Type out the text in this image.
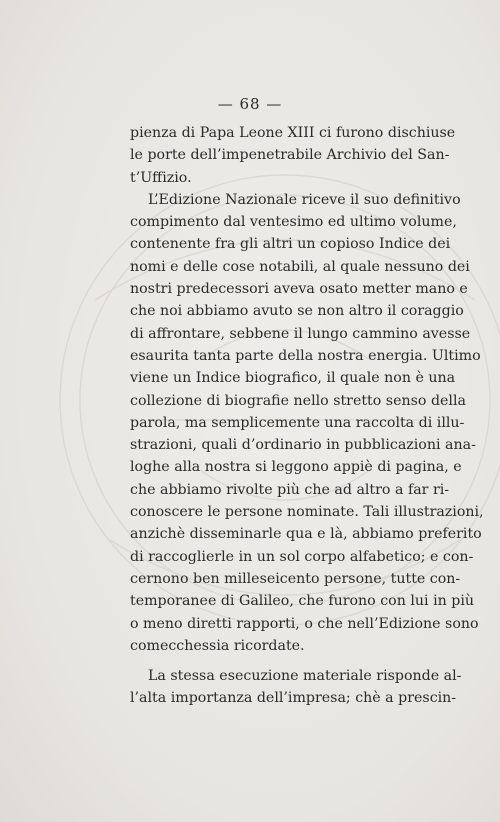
— 68 —
pienza di Papa Leone XIII ci furono dischiuse
le porte dell’impenetrabile Archivio del San-
t’Uffizio.
L’Edizione Nazionale riceve il suo definitivo
compimento dal ventesimo ed ultimo volume,
contenente fra gli altri un copioso Indice dei
nomi e delle cose notabili, al quale nessuno dei
nostri predecessori aveva osato metter mano e
che noi abbiamo avuto se non altro il coraggio
di affrontare, sebbene il lungo cammino avesse
esaurita tanta parte della nostra energia. Ultimo
viene un Indice biografico, il quale non è una
collezione di biografie nello stretto senso della
parola, ma semplicemente una raccolta di illu-
strazioni, quali d’ordinario in pubblicazioni ana-
loghe alla nostra si leggono appiè di pagina, e
che abbiamo rivolte più che ad altro a far ri-
conoscere le persone nominate. Tali illustrazioni,
anzichè disseminarle qua e là, abbiamo preferito
di raccoglierle in un sol corpo alfabetico; e con-
cernono ben milleseicento persone, tutte con-
temporanee di Galileo, che furono con lui in più
o meno diretti rapporti, o che nell’Edizione sono
comecchessia ricordate.
La stessa esecuzione materiale risponde al-
l’alta importanza dell’impresa; chè a prescin-
